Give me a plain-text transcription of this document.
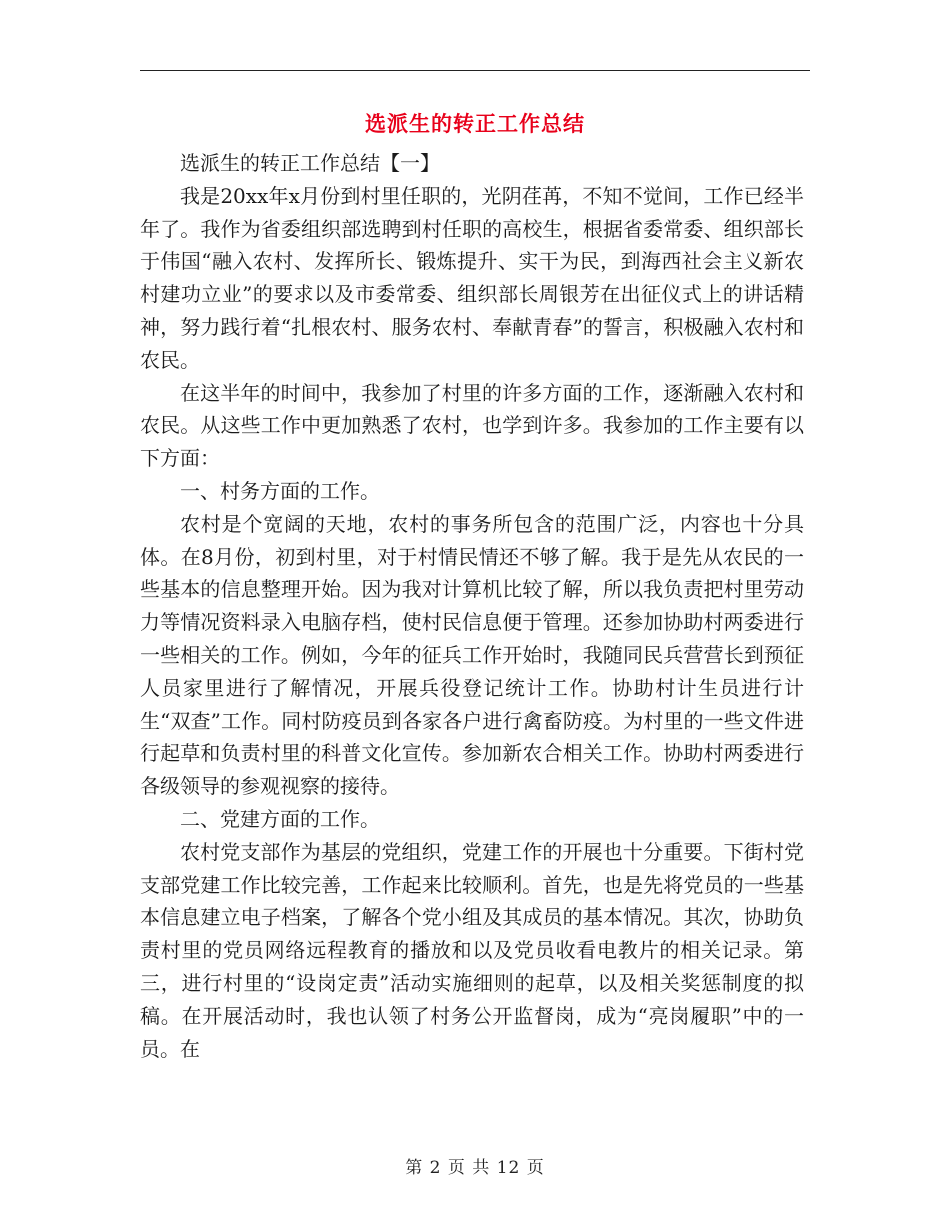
选派生的转正工作总结

选派生的转正工作总结【一】

我是20xx年x月份到村里任职的，光阴荏苒，不知不觉间，工作已经半年了。我作为省委组织部选聘到村任职的高校生，根据省委常委、组织部长于伟国“融入农村、发挥所长、锻炼提升、实干为民，到海西社会主义新农村建功立业”的要求以及市委常委、组织部长周银芳在出征仪式上的讲话精神，努力践行着“扎根农村、服务农村、奉献青春”的誓言，积极融入农村和农民。

在这半年的时间中，我参加了村里的许多方面的工作，逐渐融入农村和农民。从这些工作中更加熟悉了农村，也学到许多。我参加的工作主要有以下方面：

一、村务方面的工作。

农村是个宽阔的天地，农村的事务所包含的范围广泛，内容也十分具体。在8月份，初到村里，对于村情民情还不够了解。我于是先从农民的一些基本的信息整理开始。因为我对计算机比较了解，所以我负责把村里劳动力等情况资料录入电脑存档，使村民信息便于管理。还参加协助村两委进行一些相关的工作。例如，今年的征兵工作开始时，我随同民兵营营长到预征人员家里进行了解情况，开展兵役登记统计工作。协助村计生员进行计生“双查”工作。同村防疫员到各家各户进行禽畜防疫。为村里的一些文件进行起草和负责村里的科普文化宣传。参加新农合相关工作。协助村两委进行各级领导的参观视察的接待。

二、党建方面的工作。

农村党支部作为基层的党组织，党建工作的开展也十分重要。下街村党支部党建工作比较完善，工作起来比较顺利。首先，也是先将党员的一些基本信息建立电子档案，了解各个党小组及其成员的基本情况。其次，协助负责村里的党员网络远程教育的播放和以及党员收看电教片的相关记录。第三，进行村里的“设岗定责”活动实施细则的起草，以及相关奖惩制度的拟稿。在开展活动时，我也认领了村务公开监督岗，成为“亮岗履职”中的一员。在

第 2 页 共 12 页
